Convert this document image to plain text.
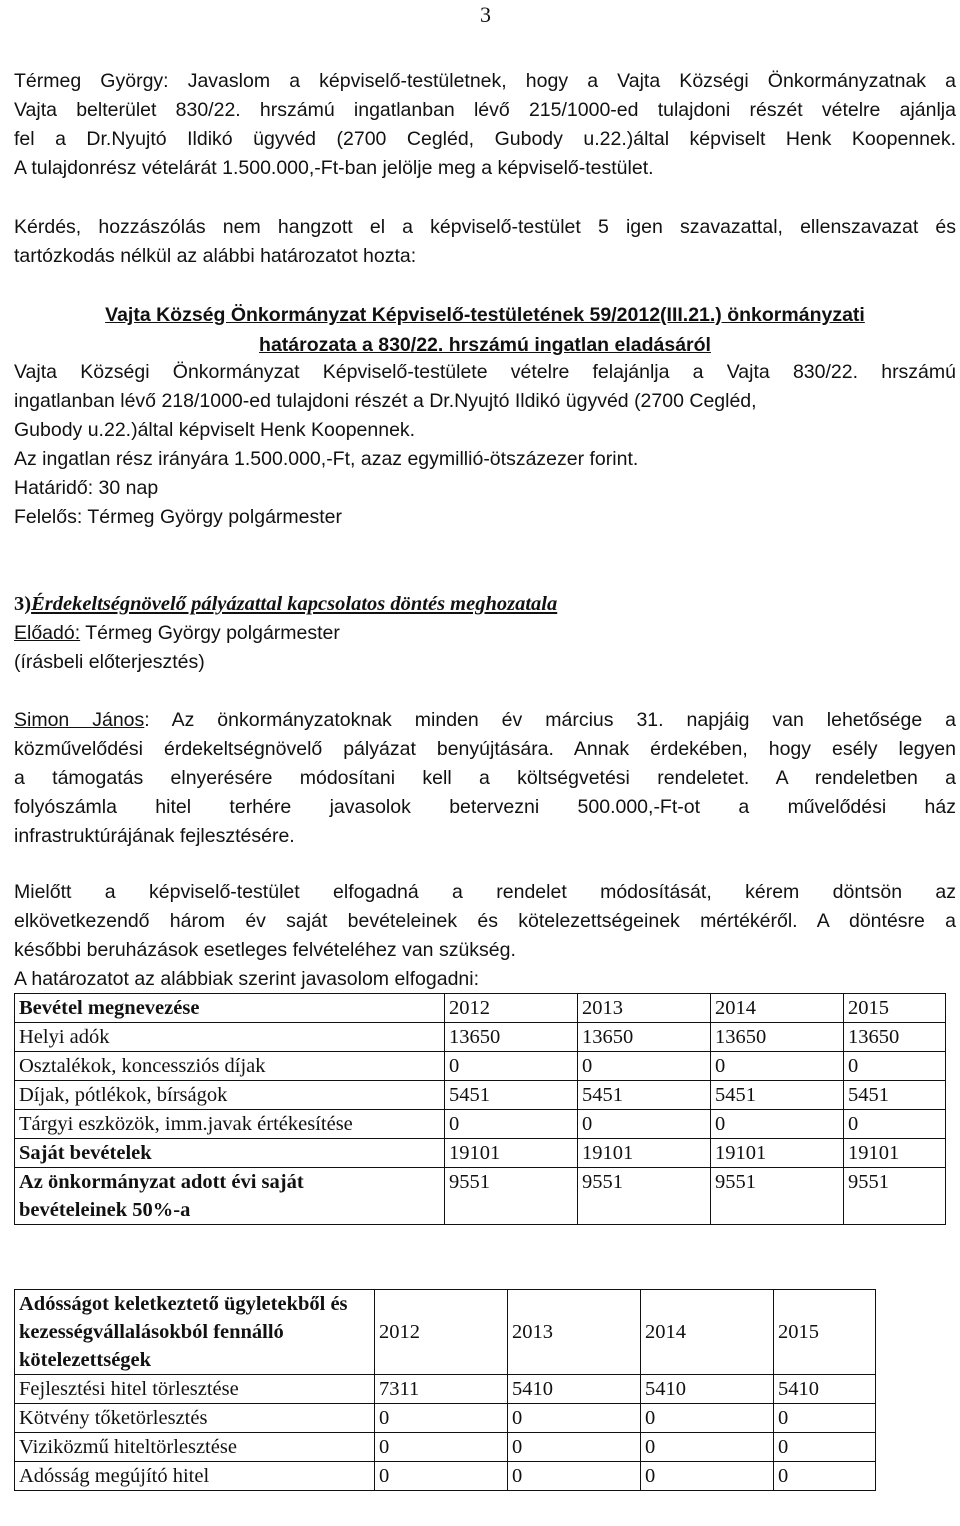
3
Térmeg György: Javaslom a képviselő-testületnek, hogy a Vajta Községi Önkormányzatnak a
Vajta belterület 830/22. hrszámú ingatlanban lévő 215/1000-ed tulajdoni részét vételre ajánlja
fel a Dr.Nyujtó Ildikó ügyvéd (2700 Cegléd, Gubody u.22.)által képviselt Henk Koopennek.
A tulajdonrész vételárát 1.500.000,-Ft-ban jelölje meg a képviselő-testület.
Kérdés, hozzászólás nem hangzott el a képviselő-testület 5 igen szavazattal, ellenszavazat és
tartózkodás nélkül az alábbi határozatot hozta:
Vajta Község Önkormányzat Képviselő-testületének 59/2012(III.21.) önkormányzati
határozata a 830/22. hrszámú ingatlan eladásáról
Vajta Községi Önkormányzat Képviselő-testülete vételre felajánlja a Vajta 830/22. hrszámú
ingatlanban lévő 218/1000-ed tulajdoni részét a Dr.Nyujtó Ildikó ügyvéd (2700 Cegléd,
Gubody u.22.)által képviselt Henk Koopennek.
Az ingatlan rész irányára 1.500.000,-Ft, azaz egymillió-ötszázezer forint.
Határidő: 30 nap
Felelős: Térmeg György polgármester
3)Érdekeltségnövelő pályázattal kapcsolatos döntés meghozatala
Előadó: Térmeg György polgármester
(írásbeli előterjesztés)
Simon János: Az önkormányzatoknak minden év március 31. napjáig van lehetősége a
közművelődési érdekeltségnövelő pályázat benyújtására. Annak érdekében, hogy esély legyen
a támogatás elnyerésére módosítani kell a költségvetési rendeletet. A rendeletben a
folyószámla hitel terhére javasolok betervezni 500.000,-Ft-ot a művelődési ház
infrastruktúrájának fejlesztésére.
Mielőtt a képviselő-testület elfogadná a rendelet módosítását, kérem döntsön az
elkövetkezendő három év saját bevételeinek és kötelezettségeinek mértékéről. A döntésre a
későbbi beruházások esetleges felvételéhez van szükség.
A határozatot az alábbiak szerint javasolom elfogadni:
Bevétel megnevezése	2012	2013	2014	2015
Helyi adók	13650	13650	13650	13650
Osztalékok, koncessziós díjak	0	0	0	0
Díjak, pótlékok, bírságok	5451	5451	5451	5451
Tárgyi eszközök, imm.javak értékesítése	0	0	0	0
Saját bevételek	19101	19101	19101	19101
Az önkormányzat adott évi saját bevételeinek 50%-a	9551	9551	9551	9551
Adósságot keletkeztető ügyletekből és kezességvállalásokból fennálló kötelezettségek	2012	2013	2014	2015
Fejlesztési hitel törlesztése	7311	5410	5410	5410
Kötvény tőketörlesztés	0	0	0	0
Viziközmű hiteltörlesztése	0	0	0	0
Adósság megújító hitel	0	0	0	0
